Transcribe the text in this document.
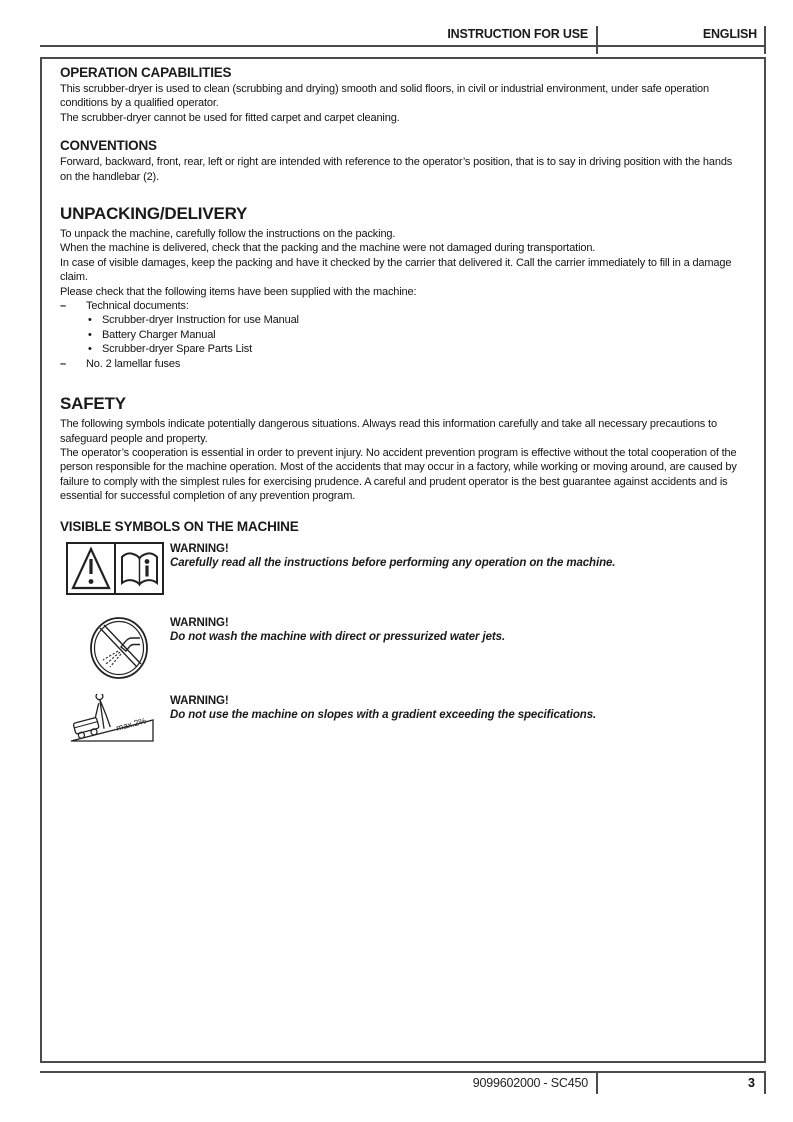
INSTRUCTION FOR USE	ENGLISH
OPERATION CAPABILITIES
This scrubber-dryer is used to clean (scrubbing and drying) smooth and solid floors, in civil or industrial environment, under safe operation conditions by a qualified operator.
The scrubber-dryer cannot be used for fitted carpet and carpet cleaning.
CONVENTIONS
Forward, backward, front, rear, left or right are intended with reference to the operator’s position, that is to say in driving position with the hands on the handlebar (2).
UNPACKING/DELIVERY
To unpack the machine, carefully follow the instructions on the packing.
When the machine is delivered, check that the packing and the machine were not damaged during transportation.
In case of visible damages, keep the packing and have it checked by the carrier that delivered it. Call the carrier immediately to fill in a damage claim.
Please check that the following items have been supplied with the machine:
–	Technical documents:
• Scrubber-dryer Instruction for use Manual
• Battery Charger Manual
• Scrubber-dryer Spare Parts List
–	No. 2 lamellar fuses
SAFETY
The following symbols indicate potentially dangerous situations. Always read this information carefully and take all necessary precautions to safeguard people and property.
The operator’s cooperation is essential in order to prevent injury. No accident prevention program is effective without the total cooperation of the person responsible for the machine operation. Most of the accidents that may occur in a factory, while working or moving around, are caused by failure to comply with the simplest rules for exercising prudence. A careful and prudent operator is the best guarantee against accidents and is essential for successful completion of any prevention program.
VISIBLE SYMBOLS ON THE MACHINE
WARNING!
Carefully read all the instructions before performing any operation on the machine.
WARNING!
Do not wash the machine with direct or pressurized water jets.
max.2%
WARNING!
Do not use the machine on slopes with a gradient exceeding the specifications.
9099602000 - SC450	3
